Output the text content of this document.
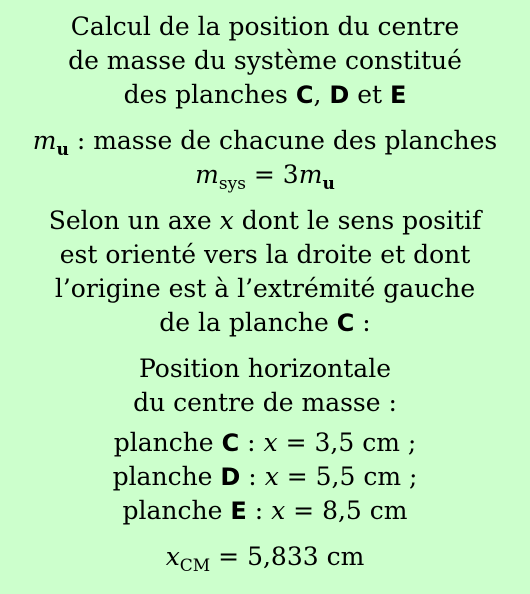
Calcul de la position du centre
de masse du système constitué
des planches C, D et E
$m_u$ : masse de chacune des planches
$m_{sys} = 3m_u$
Selon un axe x dont le sens positif
est orienté vers la droite et dont
l’origine est à l’extrémité gauche
de la planche C :
Position horizontale
du centre de masse :
planche C : x = 3,5 cm ;
planche D : x = 5,5 cm ;
planche E : x = 8,5 cm
$x_{CM} = 5,833$ cm
